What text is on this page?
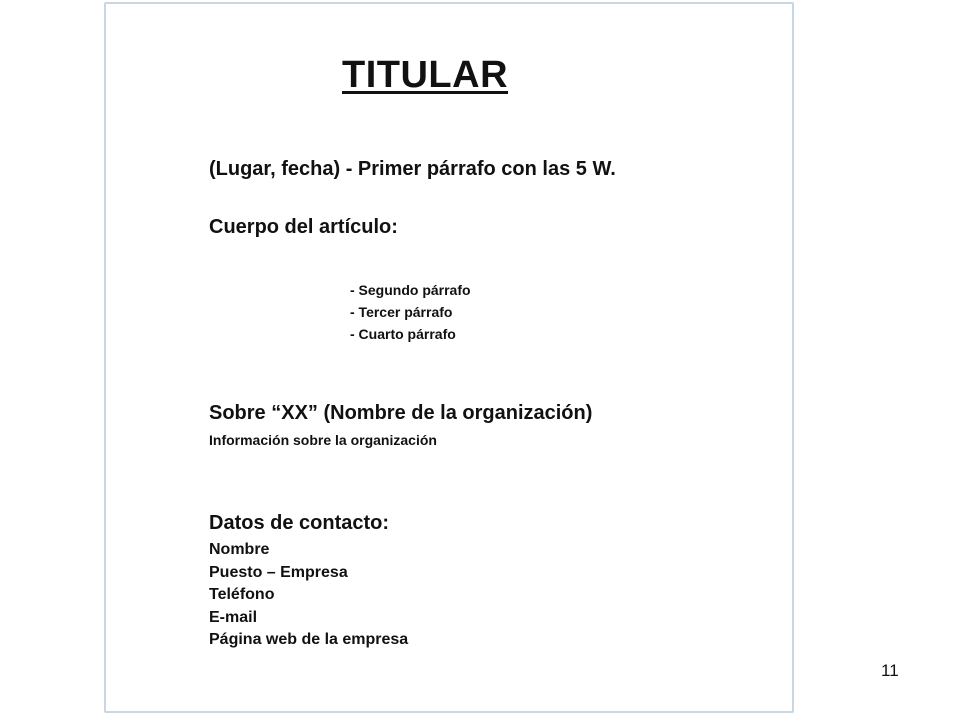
TITULAR

(Lugar, fecha) - Primer párrafo con las 5 W.

Cuerpo del artículo:

- Segundo párrafo
- Tercer párrafo
- Cuarto párrafo

Sobre “XX” (Nombre de la organización)

Información sobre la organización

Datos de contacto:

Nombre
Puesto – Empresa
Teléfono
E-mail
Página web de la empresa
11
